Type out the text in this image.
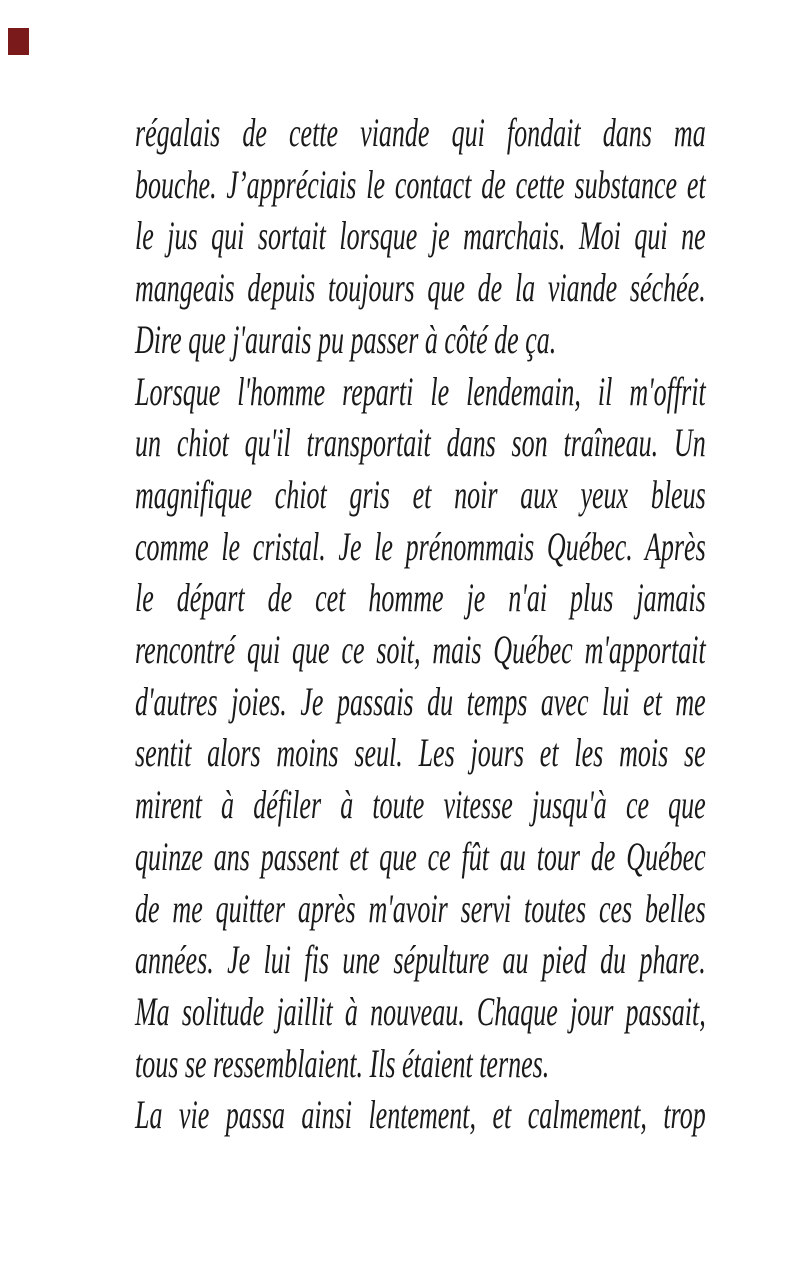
régalais de cette viande qui fondait dans ma
bouche. J’appréciais le contact de cette substance et
le jus qui sortait lorsque je marchais. Moi qui ne
mangeais depuis toujours que de la viande séchée.
Dire que j'aurais pu passer à côté de ça.
Lorsque l'homme reparti le lendemain, il m'offrit
un chiot qu'il transportait dans son traîneau. Un
magnifique chiot gris et noir aux yeux bleus
comme le cristal. Je le prénommais Québec. Après
le départ de cet homme je n'ai plus jamais
rencontré qui que ce soit, mais Québec m'apportait
d'autres joies. Je passais du temps avec lui et me
sentit alors moins seul. Les jours et les mois se
mirent à défiler à toute vitesse jusqu'à ce que
quinze ans passent et que ce fût au tour de Québec
de me quitter après m'avoir servi toutes ces belles
années. Je lui fis une sépulture au pied du phare.
Ma solitude jaillit à nouveau. Chaque jour passait,
tous se ressemblaient. Ils étaient ternes.
La vie passa ainsi lentement, et calmement, trop
